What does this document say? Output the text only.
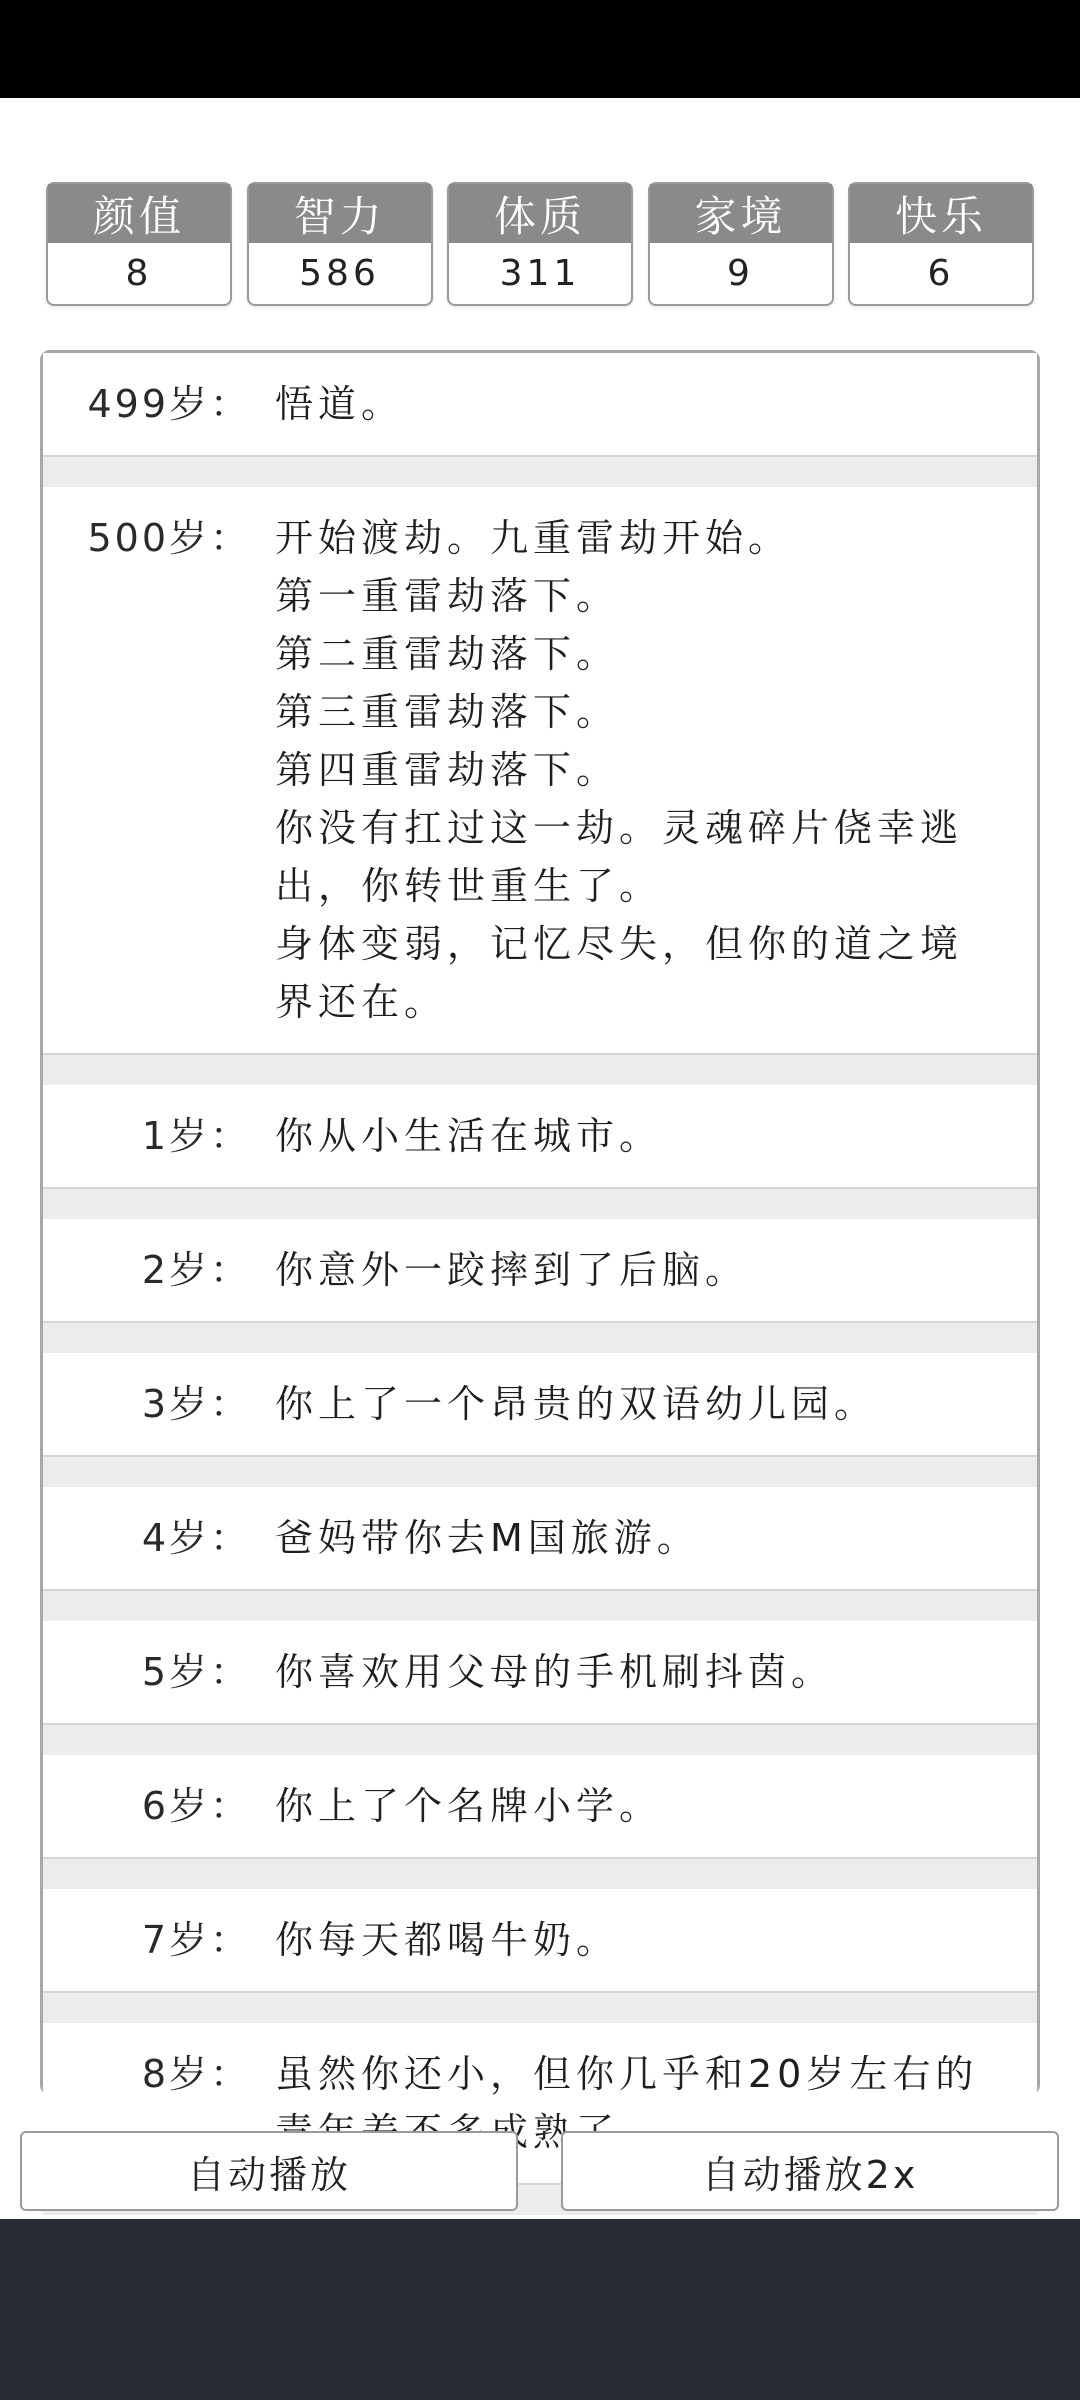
颜值
8
智力
586
体质
311
家境
9
快乐
6
499岁： 悟道。
500岁： 开始渡劫。九重雷劫开始。
第一重雷劫落下。
第二重雷劫落下。
第三重雷劫落下。
第四重雷劫落下。
你没有扛过这一劫。灵魂碎片侥幸逃
出，你转世重生了。
身体变弱，记忆尽失，但你的道之境
界还在。
1岁： 你从小生活在城市。
2岁： 你意外一跤摔到了后脑。
3岁： 你上了一个昂贵的双语幼儿园。
4岁： 爸妈带你去M国旅游。
5岁： 你喜欢用父母的手机刷抖茵。
6岁： 你上了个名牌小学。
7岁： 你每天都喝牛奶。
8岁： 虽然你还小，但你几乎和20岁左右的
自动播放	自动播放2x
